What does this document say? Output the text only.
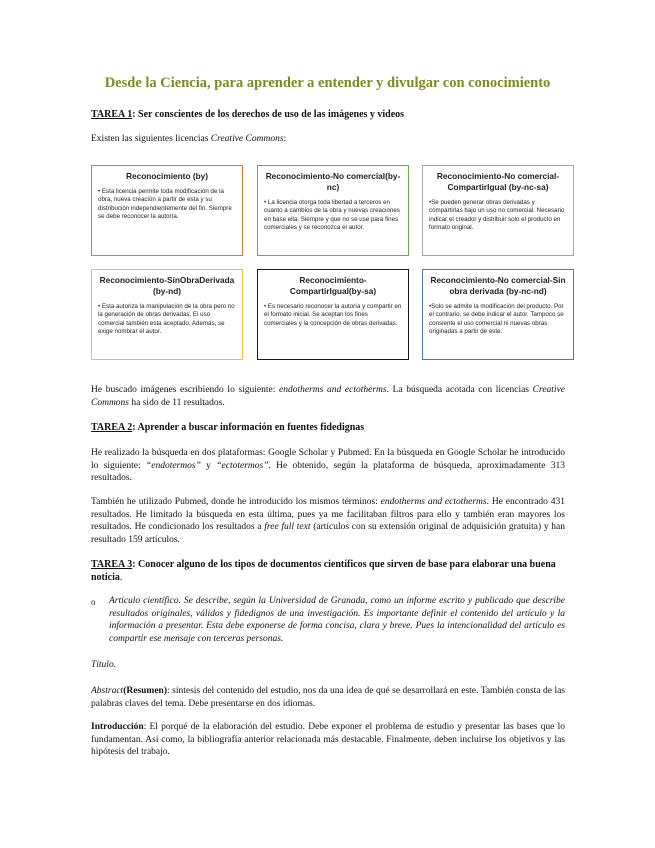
Desde la Ciencia, para aprender a entender y divulgar con conocimiento
TAREA 1: Ser conscientes de los derechos de uso de las imágenes y videos
Existen las siguientes licencias Creative Commons:
Reconocimiento (by)
• Esta licencia permite toda modificación de la obra, nueva creación a partir de esta y su distribución independientemente del fin. Siempre se debe reconocer la autoría.
Reconocimiento-No comercial(by-nc)
• La licencia otorga toda libertad a terceros en cuanto a cambios de la obra y nuevas creaciones en base ella. Siempre y que no se use para fines comerciales y se reconozca el autor.
Reconocimiento-No comercial-CompartirIgual (by-nc-sa)
•Se pueden generar obras derivadas y compartirlas bajo un uso no comercial. Necesario indicar el creador y distribuir solo el producto en formato original.
Reconocimiento-SinObraDerivada (by-nd)
• Esta autoriza la manipulación de la obra pero no la generación de obras derivadas. El uso comercial también esta aceptado. Además, se exige nombrar el autor.
Reconocimiento-CompartirIgual(by-sa)
• Es necesario reconocer la autoría y compartir en el formato inicial. Se aceptan los fines comerciales y la concepción de obras derivadas.
Reconocimiento-No comercial-Sin obra derivada (by-nc-nd)
•Solo se admite la modificación del producto. Por el contrario, se debe indicar el autor. Tampoco se consiente el uso comercial ni nuevas obras originadas a partir de este.
He buscado imágenes escribiendo lo siguiente: endotherms and ectotherms. La búsqueda acotada con licencias Creative Commons ha sido de 11 resultados.
TAREA 2: Aprender a buscar información en fuentes fidedignas
He realizado la búsqueda en dos plataformas: Google Scholar y Pubmed. En la búsqueda en Google Scholar he introducido lo siguiente: “endotermos” y “ectotermos”. He obtenido, según la plataforma de búsqueda, aproximadamente 313 resultados.
También he utilizado Pubmed, donde he introducido los mismos términos: endotherms and ectotherms. He encontrado 431 resultados. He limitado la búsqueda en esta última, pues ya me facilitaban filtros para ello y también eran mayores los resultados. He condicionado los resultados a free full text (artículos con su extensión original de adquisición gratuita) y han resultado 159 artículos.
TAREA 3: Conocer alguno de los tipos de documentos científicos que sirven de base para elaborar una buena noticia.
o Artículo científico. Se describe, según la Universidad de Granada, como un informe escrito y publicado que describe resultados originales, válidos y fidedignos de una investigación. Es importante definir el contenido del artículo y la información a presentar. Esta debe exponerse de forma concisa, clara y breve. Pues la intencionalidad del artículo es compartir ese mensaje con terceras personas.
Título.
Abstract(Resumen): síntesis del contenido del estudio, nos da una idea de qué se desarrollará en este. También consta de las palabras claves del tema. Debe presentarse en dos idiomas.
Introducción: El porqué de la elaboración del estudio. Debe exponer el problema de estudio y presentar las bases que lo fundamentan. Así como, la bibliografía anterior relacionada más destacable. Finalmente, deben incluirse los objetivos y las hipótesis del trabajo.
